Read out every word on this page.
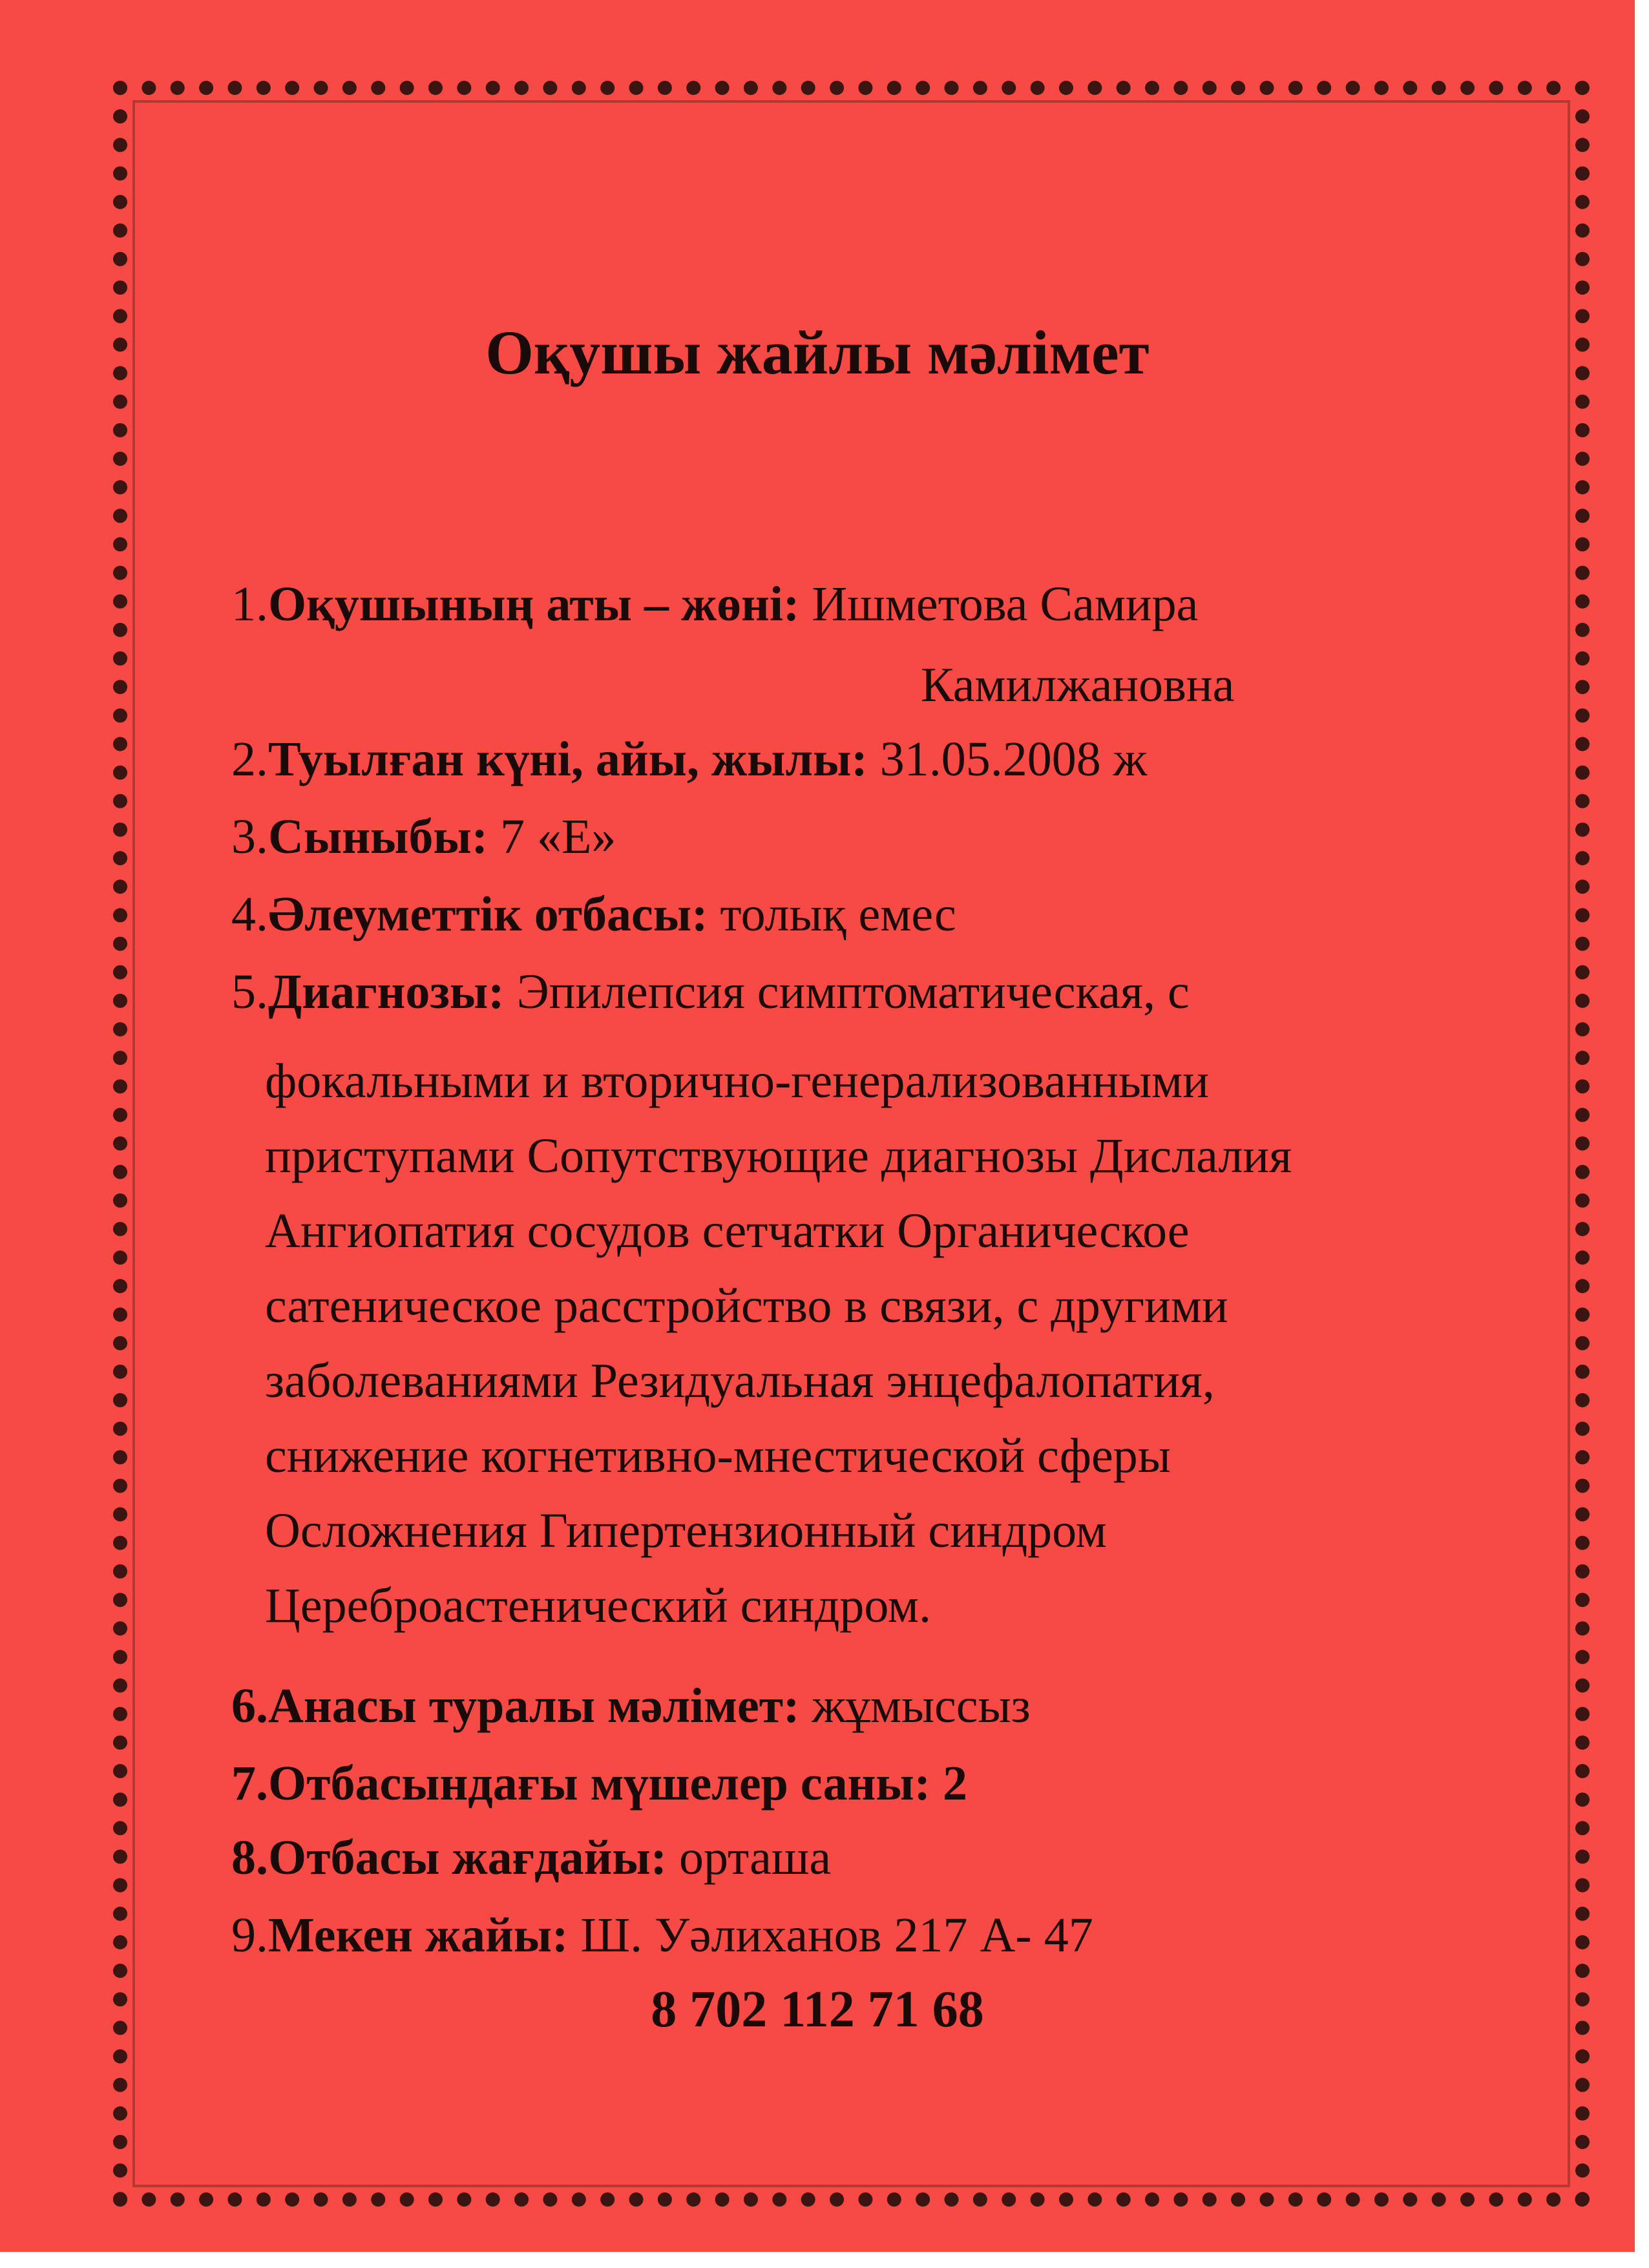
Оқушы жайлы мәлімет
1.Оқушының аты – жөні: Ишметова Самира
Камилжановна
2.Туылған күні, айы, жылы: 31.05.2008 ж
3.Сыныбы: 7 «Е»
4.Әлеуметтік отбасы: толық емес
5.Диагнозы: Эпилепсия симптоматическая, с
фокальными и вторично-генерализованными
приступами Сопутствующие диагнозы Дислалия
Ангиопатия сосудов сетчатки Органическое
сатеническое расстройство в связи, с другими
заболеваниями Резидуальная энцефалопатия,
снижение когнетивно-мнестической сферы
Осложнения Гипертензионный синдром
Цереброастенический синдром.
6.Анасы туралы мәлімет: жұмыссыз
7.Отбасындағы мүшелер саны: 2
8.Отбасы жағдайы: орташа
9.Мекен жайы: Ш. Уәлиханов 217 А- 47
8 702 112 71 68
